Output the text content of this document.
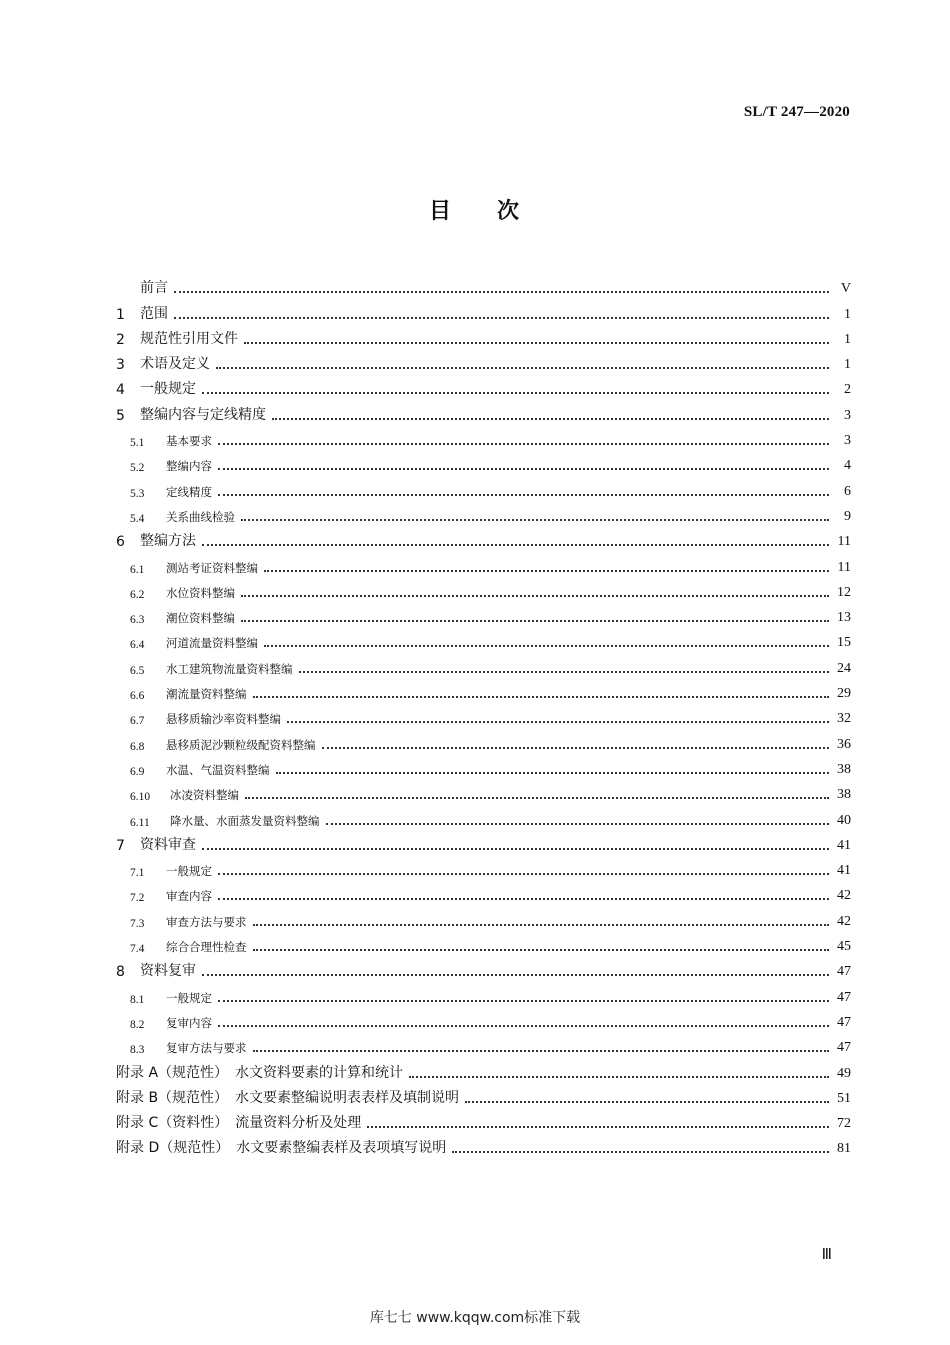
SL/T 247—2020
目 次
前言	V
1	范围	1
2	规范性引用文件	1
3	术语及定义	1
4	一般规定	2
5	整编内容与定线精度	3
5.1	基本要求	3
5.2	整编内容	4
5.3	定线精度	6
5.4	关系曲线检验	9
6	整编方法	11
6.1	测站考证资料整编	11
6.2	水位资料整编	12
6.3	潮位资料整编	13
6.4	河道流量资料整编	15
6.5	水工建筑物流量资料整编	24
6.6	潮流量资料整编	29
6.7	悬移质输沙率资料整编	32
6.8	悬移质泥沙颗粒级配资料整编	36
6.9	水温、气温资料整编	38
6.10	冰凌资料整编	38
6.11	降水量、水面蒸发量资料整编	40
7	资料审查	41
7.1	一般规定	41
7.2	审查内容	42
7.3	审查方法与要求	42
7.4	综合合理性检查	45
8	资料复审	47
8.1	一般规定	47
8.2	复审内容	47
8.3	复审方法与要求	47
附录 A（规范性）　水文资料要素的计算和统计	49
附录 B（规范性）　水文要素整编说明表表样及填制说明	51
附录 C（资料性）　流量资料分析及处理	72
附录 D（规范性）　水文要素整编表样及表项填写说明	81
Ⅲ
库七七 www.kqqw.com标准下载
